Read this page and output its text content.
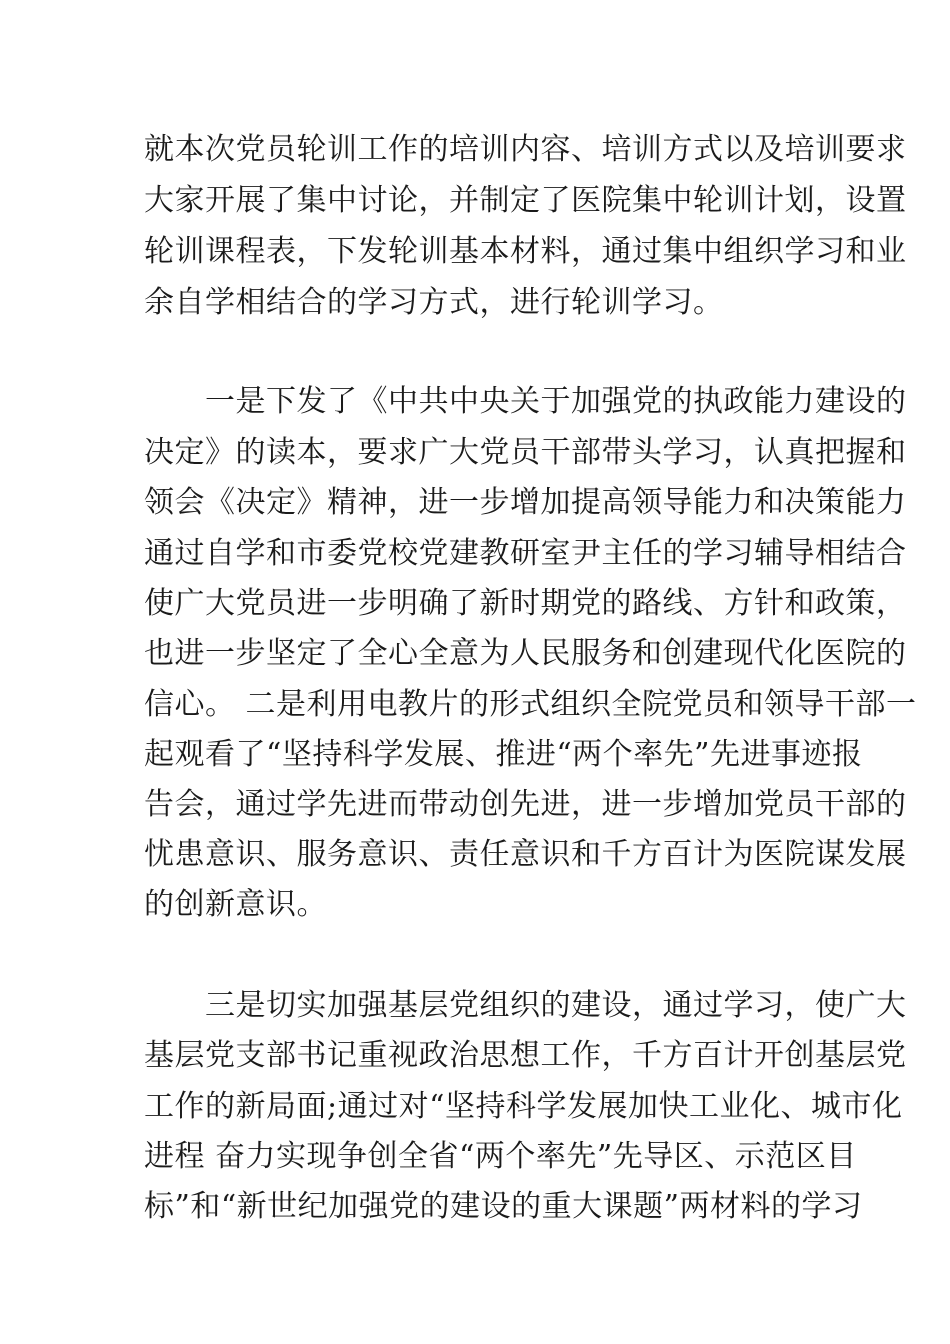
就本次党员轮训工作的培训内容、培训方式以及培训要求
大家开展了集中讨论，并制定了医院集中轮训计划，设置
轮训课程表，下发轮训基本材料，通过集中组织学习和业
余自学相结合的学习方式，进行轮训学习。
　　一是下发了《中共中央关于加强党的执政能力建设的
决定》的读本，要求广大党员干部带头学习，认真把握和
领会《决定》精神，进一步增加提高领导能力和决策能力
通过自学和市委党校党建教研室尹主任的学习辅导相结合
使广大党员进一步明确了新时期党的路线、方针和政策，
也进一步坚定了全心全意为人民服务和创建现代化医院的
信心。 二是利用电教片的形式组织全院党员和领导干部一
起观看了“坚持科学发展、推进“两个率先”先进事迹报
告会，通过学先进而带动创先进，进一步增加党员干部的
忧患意识、服务意识、责任意识和千方百计为医院谋发展
的创新意识。
　　三是切实加强基层党组织的建设，通过学习，使广大
基层党支部书记重视政治思想工作，千方百计开创基层党
工作的新局面;通过对“坚持科学发展加快工业化、城市化
进程 奋力实现争创全省“两个率先”先导区、示范区目
标”和“新世纪加强党的建设的重大课题”两材料的学习
